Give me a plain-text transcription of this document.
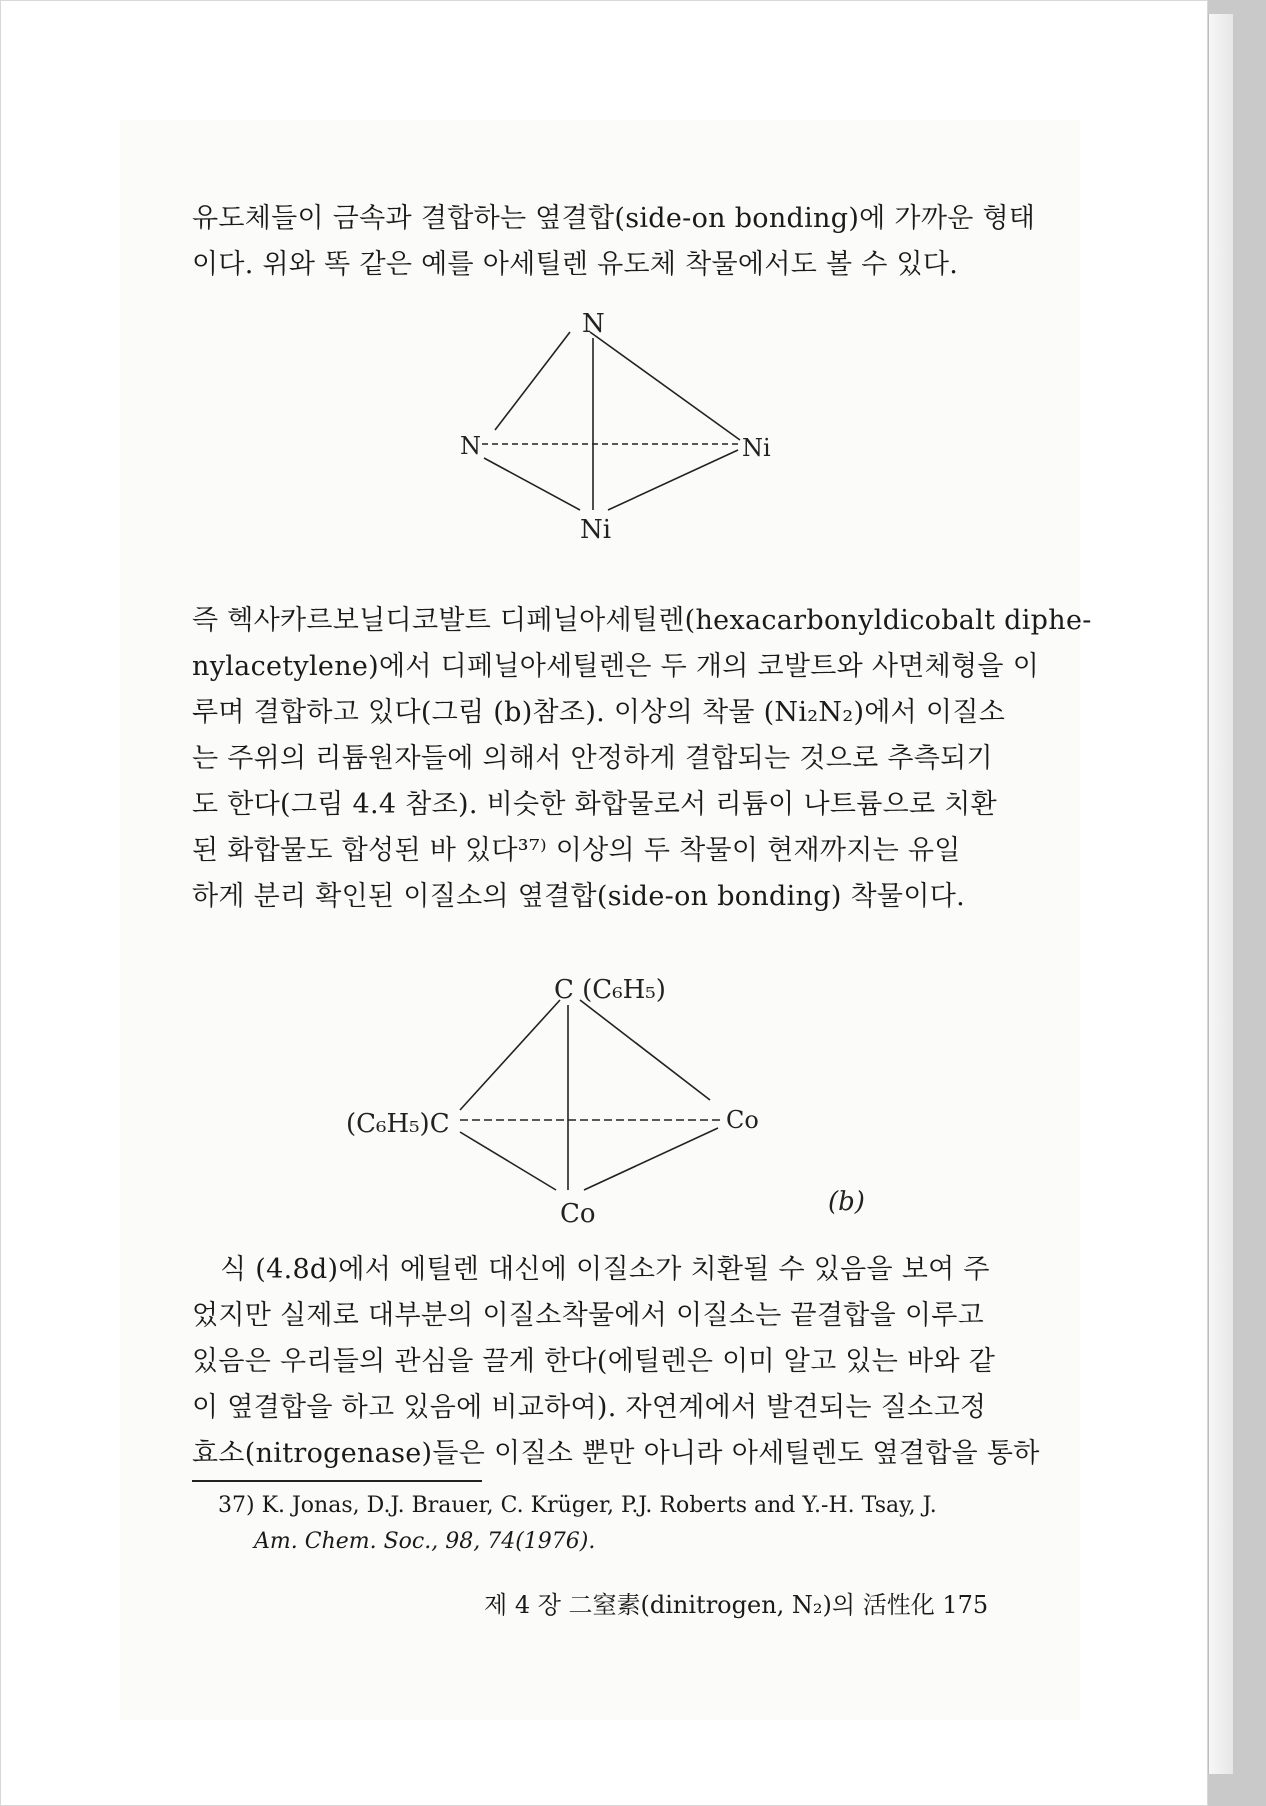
유도체들이 금속과 결합하는 옆결합(side-on bonding)에 가까운 형태
이다. 위와 똑 같은 예를 아세틸렌 유도체 착물에서도 볼 수 있다.

N
N	Ni
Ni

즉 헥사카르보닐디코발트 디페닐아세틸렌(hexacarbonyldicobalt diphe-
nylacetylene)에서 디페닐아세틸렌은 두 개의 코발트와 사면체형을 이
루며 결합하고 있다(그림 (b)참조). 이상의 착물 (Ni₂N₂)에서 이질소
는 주위의 리튬원자들에 의해서 안정하게 결합되는 것으로 추측되기
도 한다(그림 4.4 참조). 비슷한 화합물로서 리튬이 나트륨으로 치환
된 화합물도 합성된 바 있다³⁷⁾ 이상의 두 착물이 현재까지는 유일
하게 분리 확인된 이질소의 옆결합(side-on bonding) 착물이다.

C (C₆H₅)
(C₆H₅)C	Co
Co	(b)

식 (4.8d)에서 에틸렌 대신에 이질소가 치환될 수 있음을 보여 주
었지만 실제로 대부분의 이질소착물에서 이질소는 끝결합을 이루고
있음은 우리들의 관심을 끌게 한다(에틸렌은 이미 알고 있는 바와 같
이 옆결합을 하고 있음에 비교하여). 자연계에서 발견되는 질소고정
효소(nitrogenase)들은 이질소 뿐만 아니라 아세틸렌도 옆결합을 통하

37) K. Jonas, D.J. Brauer, C. Krüger, P.J. Roberts and Y.-H. Tsay, J.
Am. Chem. Soc., 98, 74(1976).
제 4 장 二窒素(dinitrogen, N₂)의 活性化 175
